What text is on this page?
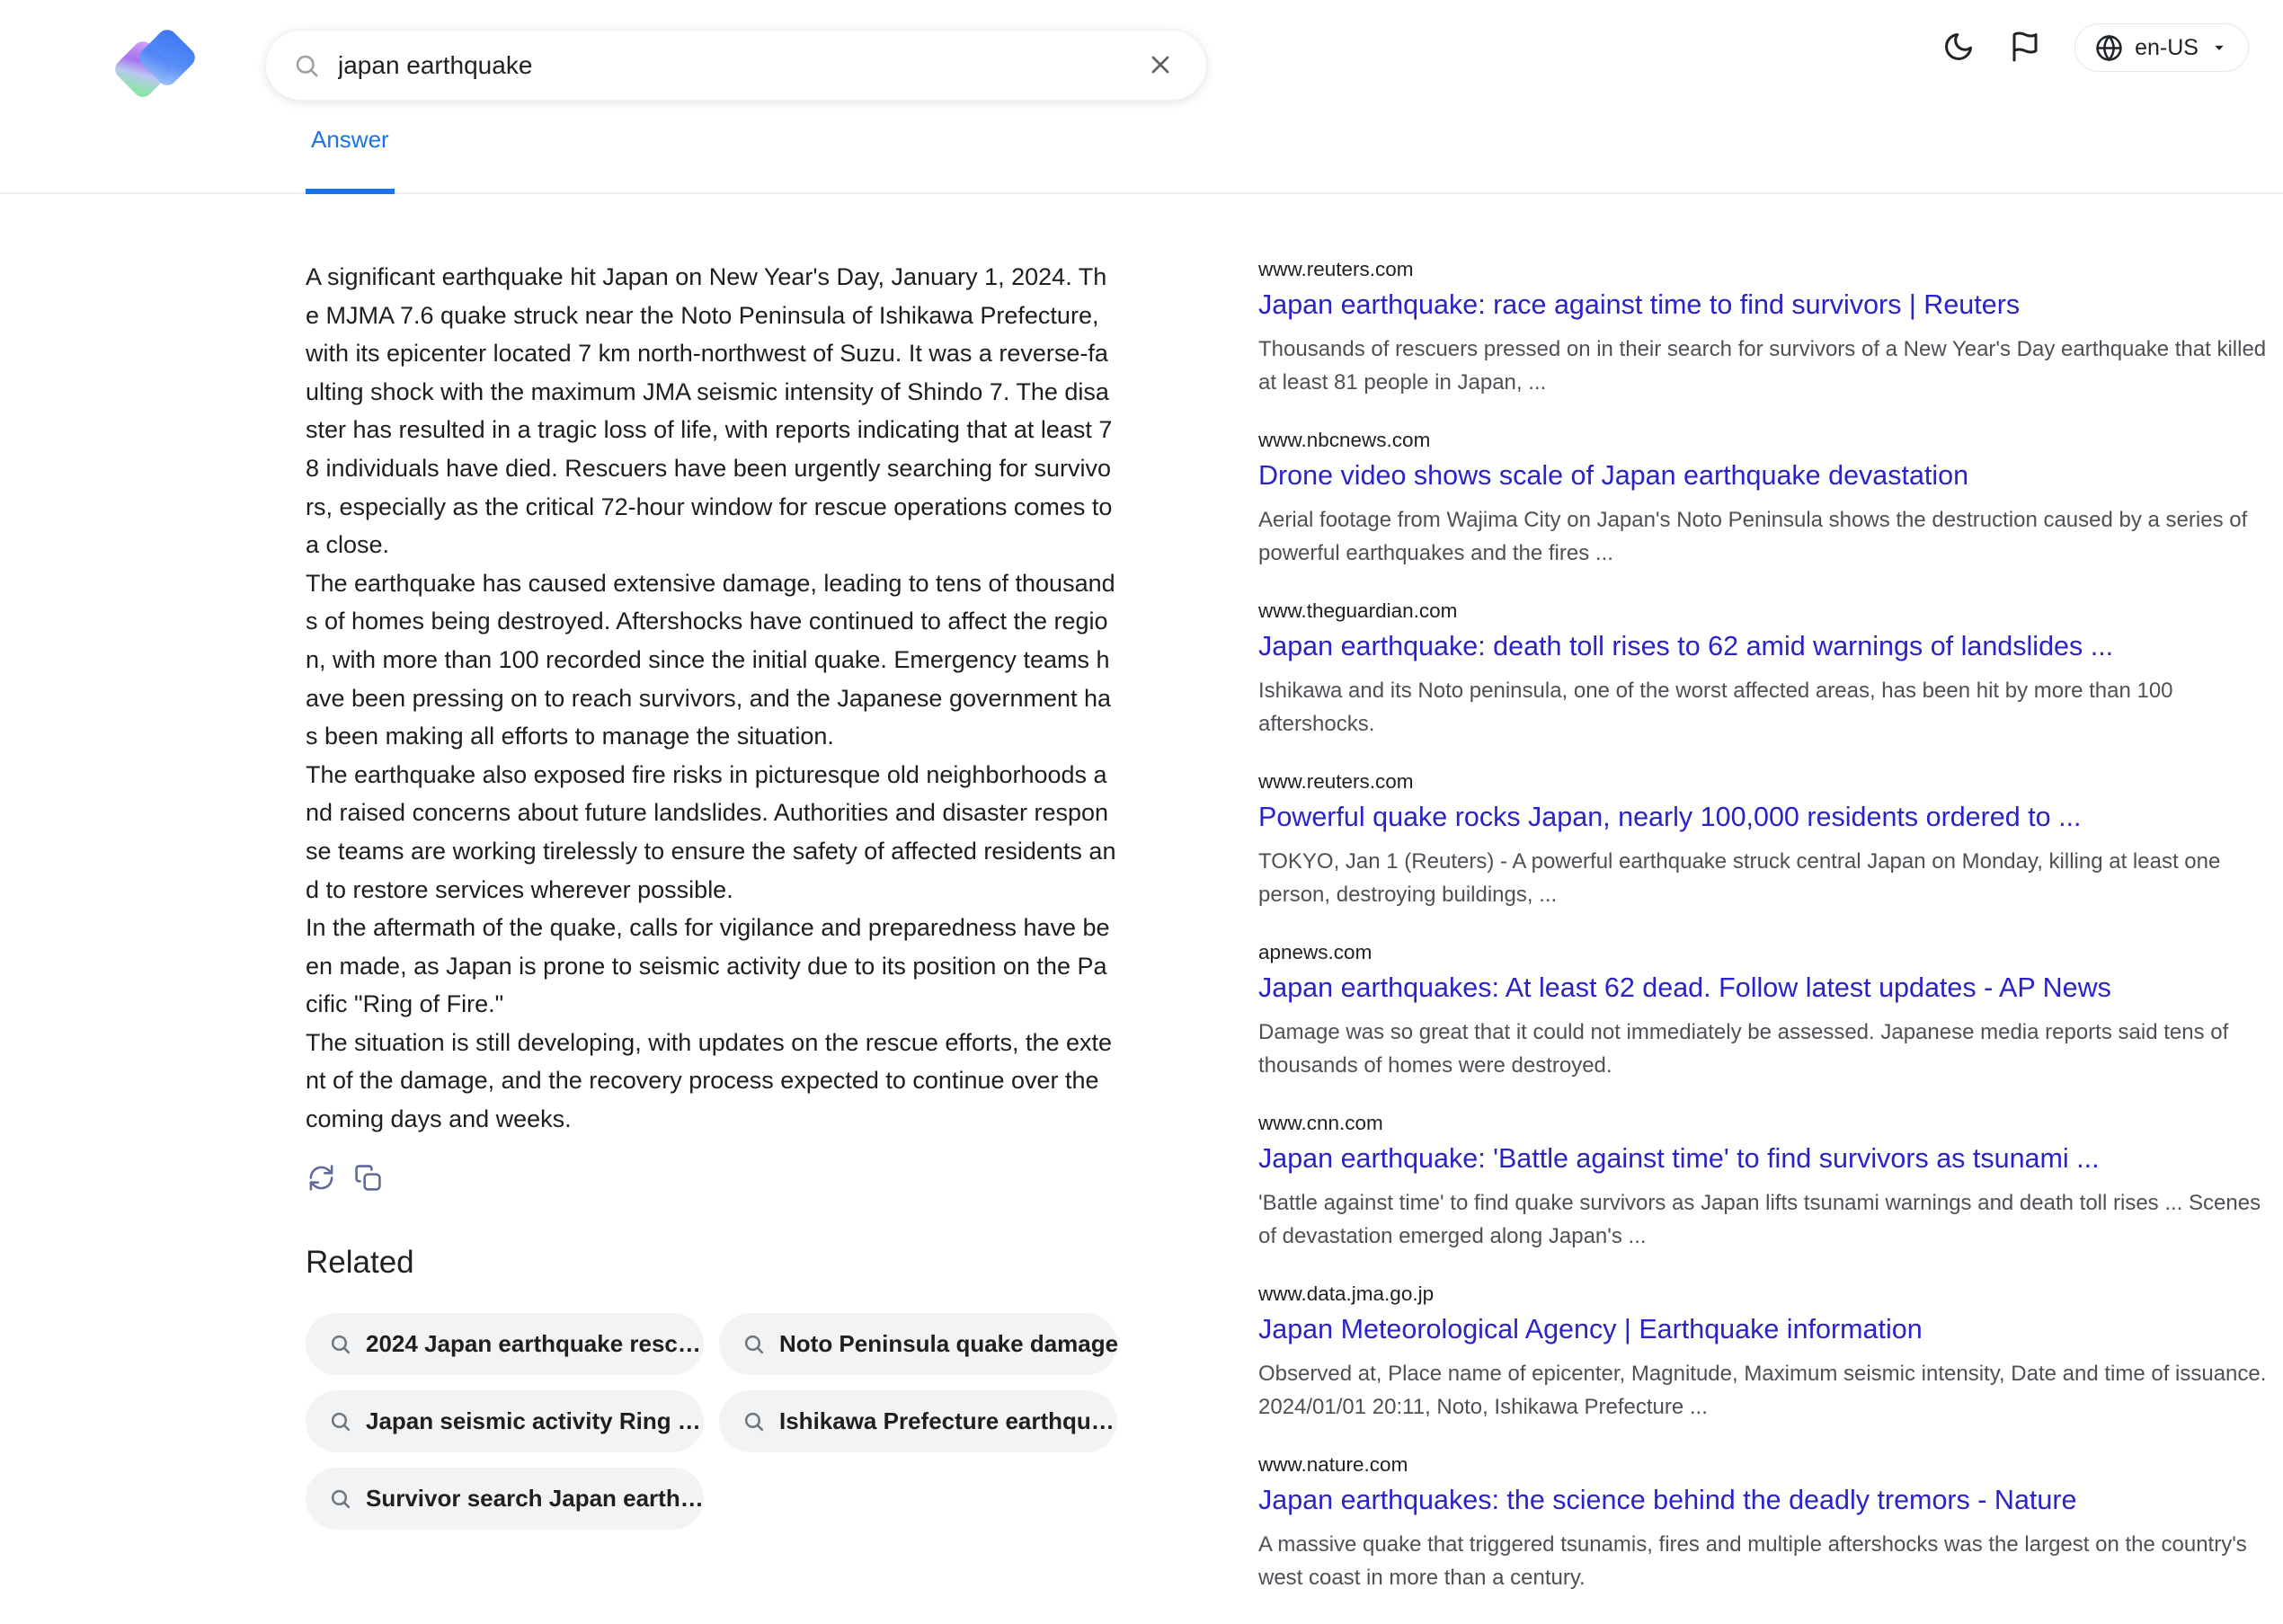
japan earthquake
en-US
Answer

A significant earthquake hit Japan on New Year's Day, January 1, 2024. The MJMA 7.6 quake struck near the Noto Peninsula of Ishikawa Prefecture, with its epicenter located 7 km north-northwest of Suzu. It was a reverse-faulting shock with the maximum JMA seismic intensity of Shindo 7. The disaster has resulted in a tragic loss of life, with reports indicating that at least 78 individuals have died. Rescuers have been urgently searching for survivors, especially as the critical 72-hour window for rescue operations comes to a close.

The earthquake has caused extensive damage, leading to tens of thousands of homes being destroyed. Aftershocks have continued to affect the region, with more than 100 recorded since the initial quake. Emergency teams have been pressing on to reach survivors, and the Japanese government has been making all efforts to manage the situation.

The earthquake also exposed fire risks in picturesque old neighborhoods and raised concerns about future landslides. Authorities and disaster response teams are working tirelessly to ensure the safety of affected residents and to restore services wherever possible.

In the aftermath of the quake, calls for vigilance and preparedness have been made, as Japan is prone to seismic activity due to its position on the Pacific "Ring of Fire."

The situation is still developing, with updates on the rescue efforts, the extent of the damage, and the recovery process expected to continue over the coming days and weeks.

Related
2024 Japan earthquake resc…	Noto Peninsula quake damage
Japan seismic activity Ring …	Ishikawa Prefecture earthqu…
Survivor search Japan earth…
www.reuters.com
Japan earthquake: race against time to find survivors | Reuters
Thousands of rescuers pressed on in their search for survivors of a New Year's Day earthquake that killed at least 81 people in Japan, ...
www.nbcnews.com
Drone video shows scale of Japan earthquake devastation
Aerial footage from Wajima City on Japan's Noto Peninsula shows the destruction caused by a series of powerful earthquakes and the fires ...
www.theguardian.com
Japan earthquake: death toll rises to 62 amid warnings of landslides ...
Ishikawa and its Noto peninsula, one of the worst affected areas, has been hit by more than 100 aftershocks.
www.reuters.com
Powerful quake rocks Japan, nearly 100,000 residents ordered to ...
TOKYO, Jan 1 (Reuters) - A powerful earthquake struck central Japan on Monday, killing at least one person, destroying buildings, ...
apnews.com
Japan earthquakes: At least 62 dead. Follow latest updates - AP News
Damage was so great that it could not immediately be assessed. Japanese media reports said tens of thousands of homes were destroyed.
www.cnn.com
Japan earthquake: 'Battle against time' to find survivors as tsunami ...
'Battle against time' to find quake survivors as Japan lifts tsunami warnings and death toll rises ... Scenes of devastation emerged along Japan's ...
www.data.jma.go.jp
Japan Meteorological Agency | Earthquake information
Observed at, Place name of epicenter, Magnitude, Maximum seismic intensity, Date and time of issuance. 2024/01/01 20:11, Noto, Ishikawa Prefecture ...
www.nature.com
Japan earthquakes: the science behind the deadly tremors - Nature
A massive quake that triggered tsunamis, fires and multiple aftershocks was the largest on the country's west coast in more than a century.
